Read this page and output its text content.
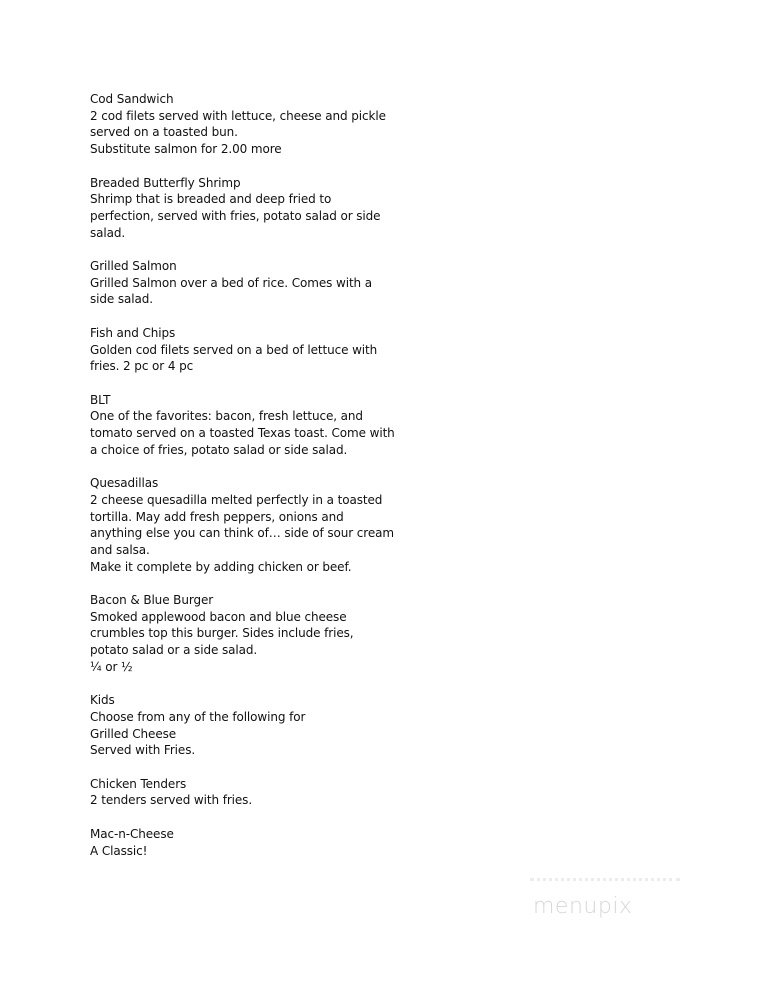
Cod Sandwich
2 cod filets served with lettuce, cheese and pickle
served on a toasted bun.
Substitute salmon for 2.00 more
Breaded Butterfly Shrimp
Shrimp that is breaded and deep fried to
perfection, served with fries, potato salad or side
salad.
Grilled Salmon
Grilled Salmon over a bed of rice. Comes with a
side salad.
Fish and Chips
Golden cod filets served on a bed of lettuce with
fries. 2 pc or 4 pc
BLT
One of the favorites: bacon, fresh lettuce, and
tomato served on a toasted Texas toast. Come with
a choice of fries, potato salad or side salad.
Quesadillas
2 cheese quesadilla melted perfectly in a toasted
tortilla. May add fresh peppers, onions and
anything else you can think of… side of sour cream
and salsa.
Make it complete by adding chicken or beef.
Bacon & Blue Burger
Smoked applewood bacon and blue cheese
crumbles top this burger. Sides include fries,
potato salad or a side salad.
¼ or ½
Kids
Choose from any of the following for
Grilled Cheese
Served with Fries.
Chicken Tenders
2 tenders served with fries.
Mac-n-Cheese
A Classic!
menupix
